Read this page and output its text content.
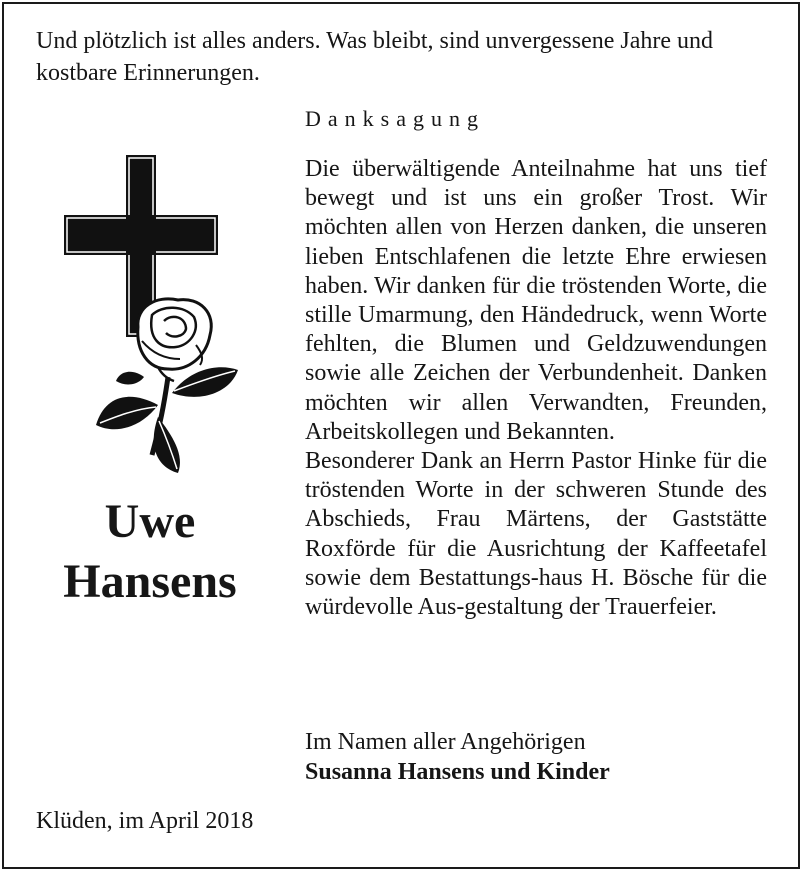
Und plötzlich ist alles anders. Was bleibt, sind unvergessene Jahre und kostbare Erinnerungen.

Danksagung

Die überwältigende Anteilnahme hat uns tief bewegt und ist uns ein großer Trost. Wir möchten allen von Herzen danken, die unseren lieben Entschlafenen die letzte Ehre erwiesen haben. Wir danken für die tröstenden Worte, die stille Umarmung, den Händedruck, wenn Worte fehlten, die Blumen und Geldzuwendungen sowie alle Zeichen der Verbundenheit. Danken möchten wir allen Verwandten, Freunden, Arbeitskollegen und Bekannten.
Besonderer Dank an Herrn Pastor Hinke für die tröstenden Worte in der schweren Stunde des Abschieds, Frau Märtens, der Gaststätte Roxförde für die Ausrichtung der Kaffeetafel sowie dem Bestattungs-haus H. Bösche für die würdevolle Aus-gestaltung der Trauerfeier.
Uwe
Hansens
Im Namen aller Angehörigen
Susanna Hansens und Kinder

Klüden, im April 2018
